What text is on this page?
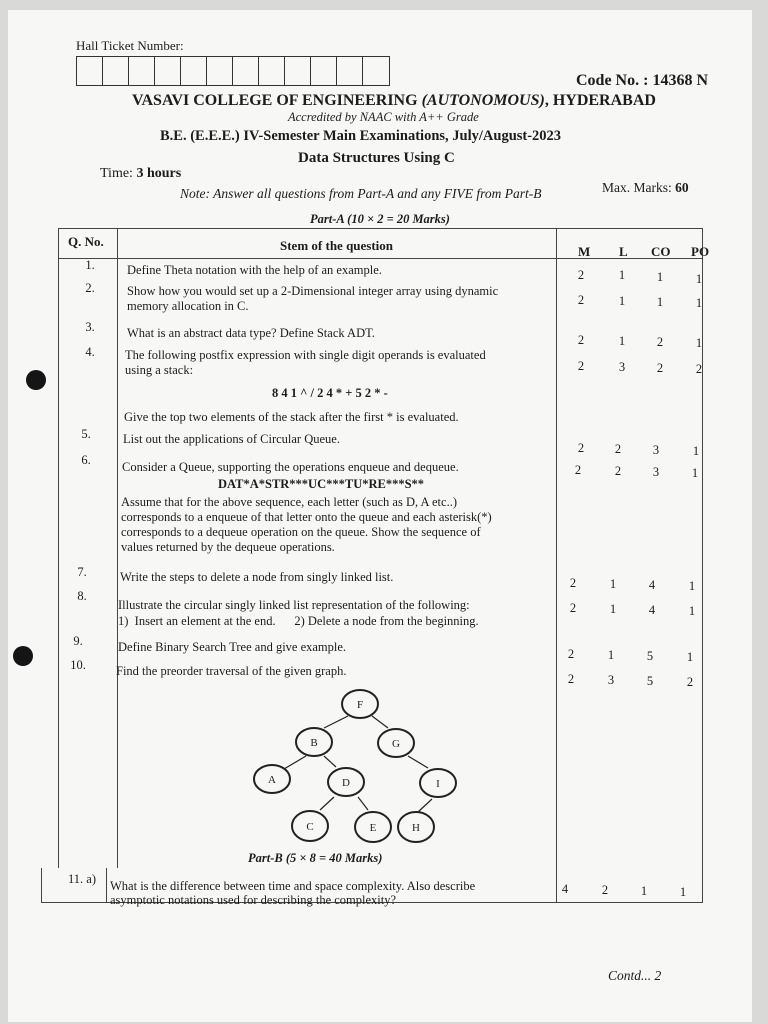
Hall Ticket Number:
Code No. : 14368 N
VASAVI COLLEGE OF ENGINEERING (AUTONOMOUS), HYDERABAD
Accredited by NAAC with A++ Grade
B.E. (E.E.E.) IV-Semester Main Examinations, July/August-2023
Data Structures Using C
Time: 3 hours
Max. Marks: 60
Note: Answer all questions from Part-A and any FIVE from Part-B
Part-A (10 × 2 = 20 Marks)
Q. No.	Stem of the question	M L CO PO
1.	Define Theta notation with the help of an example.	2	1	1	1
2.	Show how you would set up a 2-Dimensional integer array using dynamic
memory allocation in C.	2	1	1	1
3.	What is an abstract data type? Define Stack ADT.	2	1	2	1
4.	The following postfix expression with single digit operands is evaluated
using a stack:
8 4 1 ^ / 2 4 * + 5 2 * -
Give the top two elements of the stack after the first * is evaluated.
2	3	2	2
5.	List out the applications of Circular Queue.
2	2	3	1
6.	Consider a Queue, supporting the operations enqueue and dequeue.
DAT*A*STR***UC***TU*RE***S**
Assume that for the above sequence, each letter (such as D, A etc..)
corresponds to a enqueue of that letter onto the queue and each asterisk(*)
corresponds to a dequeue operation on the queue. Show the sequence of
values returned by the dequeue operations.
2	2	3	1
7.	Write the steps to delete a node from singly linked list.	2	1	4	1
8.
Illustrate the circular singly linked list representation of the following:
1)  Insert an element at the end.      2) Delete a node from the beginning.
2	1	4	1
9.	Define Binary Search Tree and give example.	2	1	5	1
10.	Find the preorder traversal of the given graph.
2	3	5	2
F
B	G
A	D	I
C	E	H
Part-B (5 × 8 = 40 Marks)
11. a)	What is the difference between time and space complexity. Also describe
asymptotic notations used for describing the complexity?
4	2	1	1
Contd... 2
